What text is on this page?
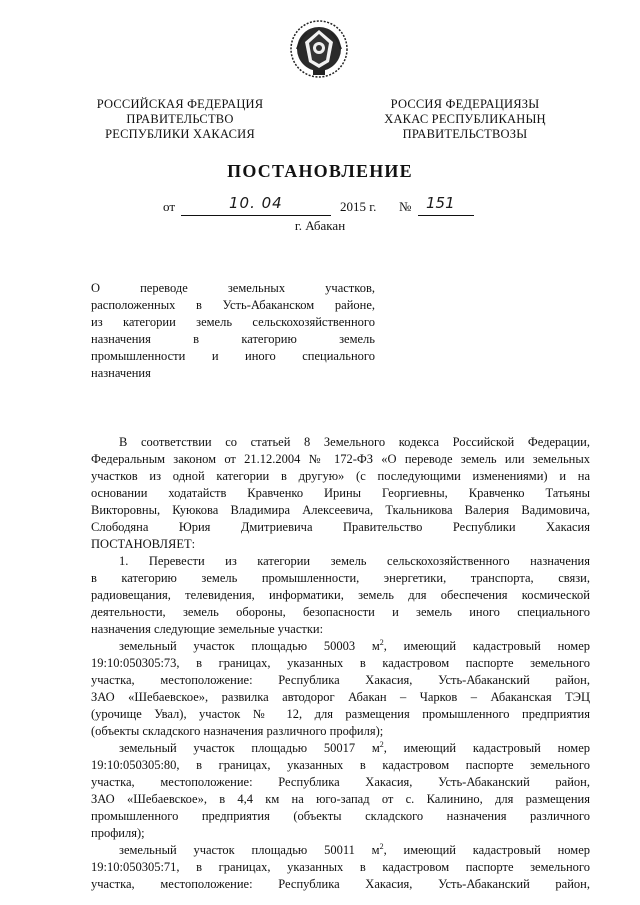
РОССИЙСКАЯ ФЕДЕРАЦИЯ
ПРАВИТЕЛЬСТВО
РЕСПУБЛИКИ ХАКАСИЯ
РОССИЯ ФЕДЕРАЦИЯЗЫ
ХАКАС РЕСПУБЛИКАНЫҢ
ПРАВИТЕЛЬСТВОЗЫ
ПОСТАНОВЛЕНИЕ
от	10. 04	2015 г. № 151
г. Абакан
О переводе земельных участков,
расположенных в Усть-Абаканском районе,
из категории земель сельскохозяйственного
назначения в категорию земель
промышленности и иного специального
назначения
В соответствии со статьей 8 Земельного кодекса Российской Федерации,
Федеральным законом от 21.12.2004 № 172-ФЗ «О переводе земель или земельных
участков из одной категории в другую» (с последующими изменениями) и на
основании ходатайств Кравченко Ирины Георгиевны, Кравченко Татьяны
Викторовны, Куюкова Владимира Алексеевича, Ткальникова Валерия Вадимовича,
Слободяна Юрия Дмитриевича Правительство Республики Хакасия
ПОСТАНОВЛЯЕТ:
1. Перевести из категории земель сельскохозяйственного назначения
в категорию земель промышленности, энергетики, транспорта, связи,
радиовещания, телевидения, информатики, земель для обеспечения космической
деятельности, земель обороны, безопасности и земель иного специального
назначения следующие земельные участки:
земельный участок площадью 50003 $м^2$, имеющий кадастровый номер
19:10:050305:73, в границах, указанных в кадастровом паспорте земельного
участка, местоположение: Республика Хакасия, Усть-Абаканский район,
ЗАО «Шебаевское», развилка автодорог Абакан – Чарков – Абаканская ТЭЦ
(урочище Увал), участок № 12, для размещения промышленного предприятия
(объекты складского назначения различного профиля);
земельный участок площадью 50017 $м^2$, имеющий кадастровый номер
19:10:050305:80, в границах, указанных в кадастровом паспорте земельного
участка, местоположение: Республика Хакасия, Усть-Абаканский район,
ЗАО «Шебаевское», в 4,4 км на юго-запад от с. Калинино, для размещения
промышленного предприятия (объекты складского назначения различного
профиля);
земельный участок площадью 50011 $м^2$, имеющий кадастровый номер
19:10:050305:71, в границах, указанных в кадастровом паспорте земельного
участка, местоположение: Республика Хакасия, Усть-Абаканский район,
